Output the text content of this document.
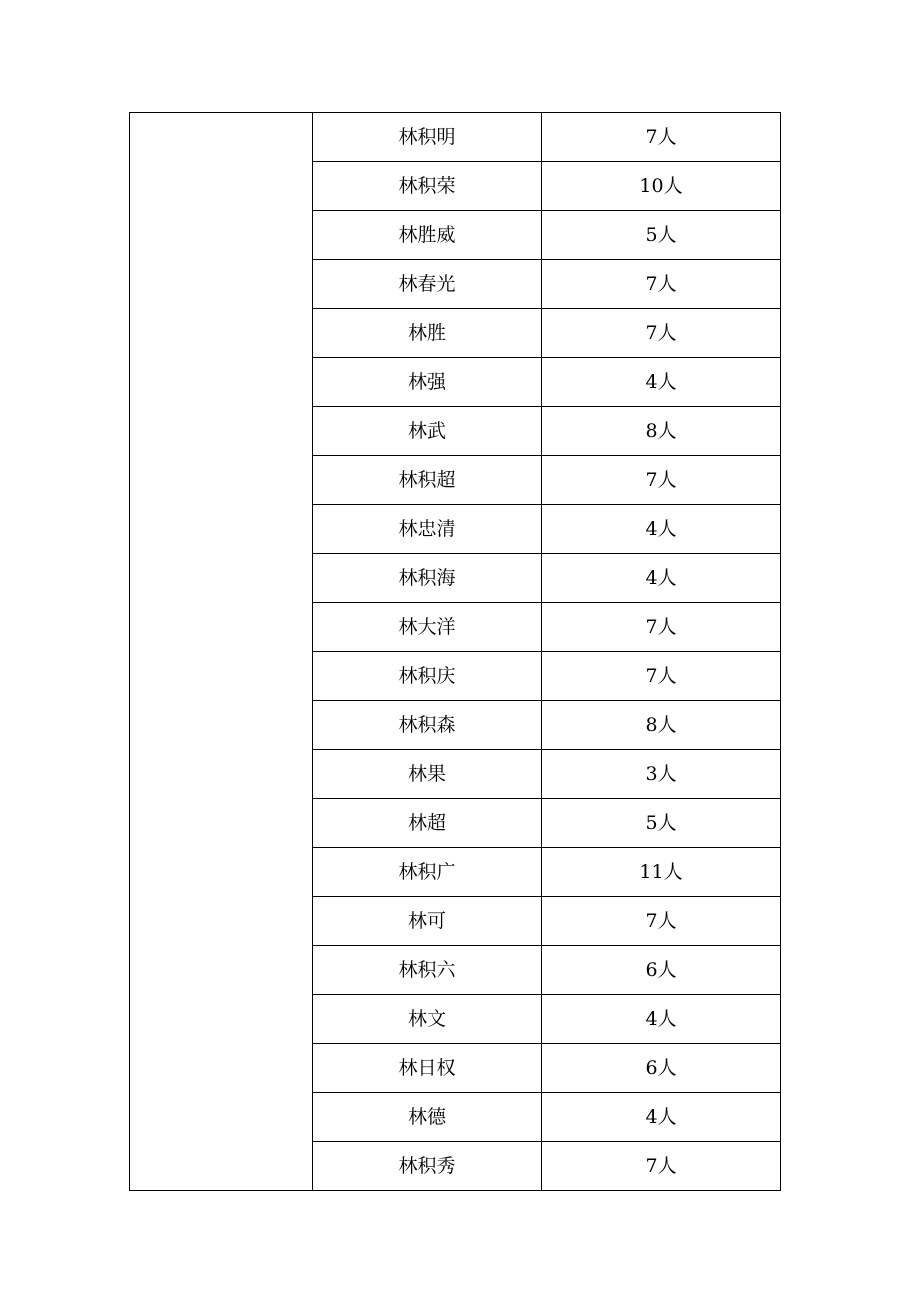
	林积明	7人
	林积荣	10人
	林胜威	5人
	林春光	7人
	林胜	7人
	林强	4人
	林武	8人
	林积超	7人
	林忠清	4人
	林积海	4人
	林大洋	7人
	林积庆	7人
	林积森	8人
	林果	3人
	林超	5人
	林积广	11人
	林可	7人
	林积六	6人
	林文	4人
	林日权	6人
	林德	4人
	林积秀	7人
